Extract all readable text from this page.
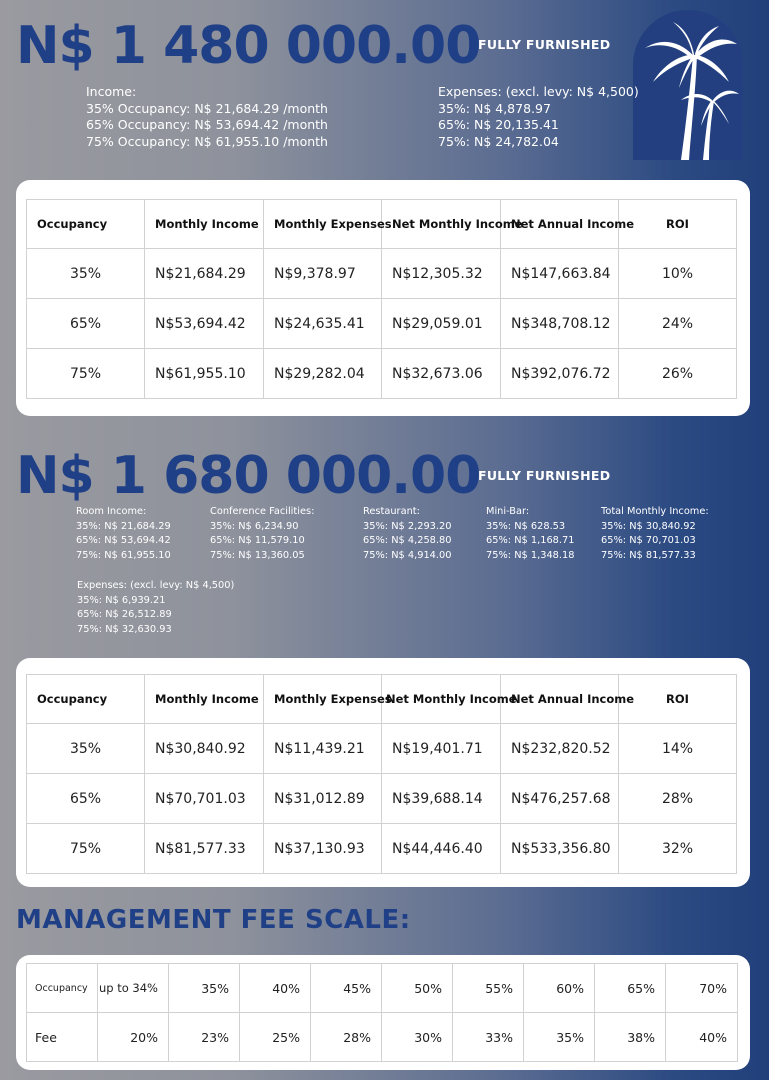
N$ 1 480 000.00
FULLY FURNISHED
Income:
35% Occupancy: N$ 21,684.29 /month
65% Occupancy: N$ 53,694.42 /month
75% Occupancy: N$ 61,955.10 /month
Expenses: (excl. levy: N$ 4,500)
35%: N$ 4,878.97
65%: N$ 20,135.41
75%: N$ 24,782.04
Occupancy	Monthly Income	Monthly Expenses	Net Monthly Income	Net Annual Income	ROI
35%	N$21,684.29	N$9,378.97	N$12,305.32	N$147,663.84	10%
65%	N$53,694.42	N$24,635.41	N$29,059.01	N$348,708.12	24%
75%	N$61,955.10	N$29,282.04	N$32,673.06	N$392,076.72	26%
N$ 1 680 000.00
FULLY FURNISHED
Room Income:
35%: N$ 21,684.29
65%: N$ 53,694.42
75%: N$ 61,955.10
Conference Facilities:
35%: N$ 6,234.90
65%: N$ 11,579.10
75%: N$ 13,360.05
Restaurant:
35%: N$ 2,293.20
65%: N$ 4,258.80
75%: N$ 4,914.00
Mini-Bar:
35%: N$ 628.53
65%: N$ 1,168.71
75%: N$ 1,348.18
Total Monthly Income:
35%: N$ 30,840.92
65%: N$ 70,701.03
75%: N$ 81,577.33
Expenses: (excl. levy: N$ 4,500)
35%: N$ 6,939.21
65%: N$ 26,512.89
75%: N$ 32,630.93
Occupancy	Monthly Income	Monthly Expenses	Net Monthly Income	Net Annual Income	ROI
35%	N$30,840.92	N$11,439.21	N$19,401.71	N$232,820.52	14%
65%	N$70,701.03	N$31,012.89	N$39,688.14	N$476,257.68	28%
75%	N$81,577.33	N$37,130.93	N$44,446.40	N$533,356.80	32%
MANAGEMENT FEE SCALE:
Occupancy	up to 34%	35%	40%	45%	50%	55%	60%	65%	70%
Fee	20%	23%	25%	28%	30%	33%	35%	38%	40%
